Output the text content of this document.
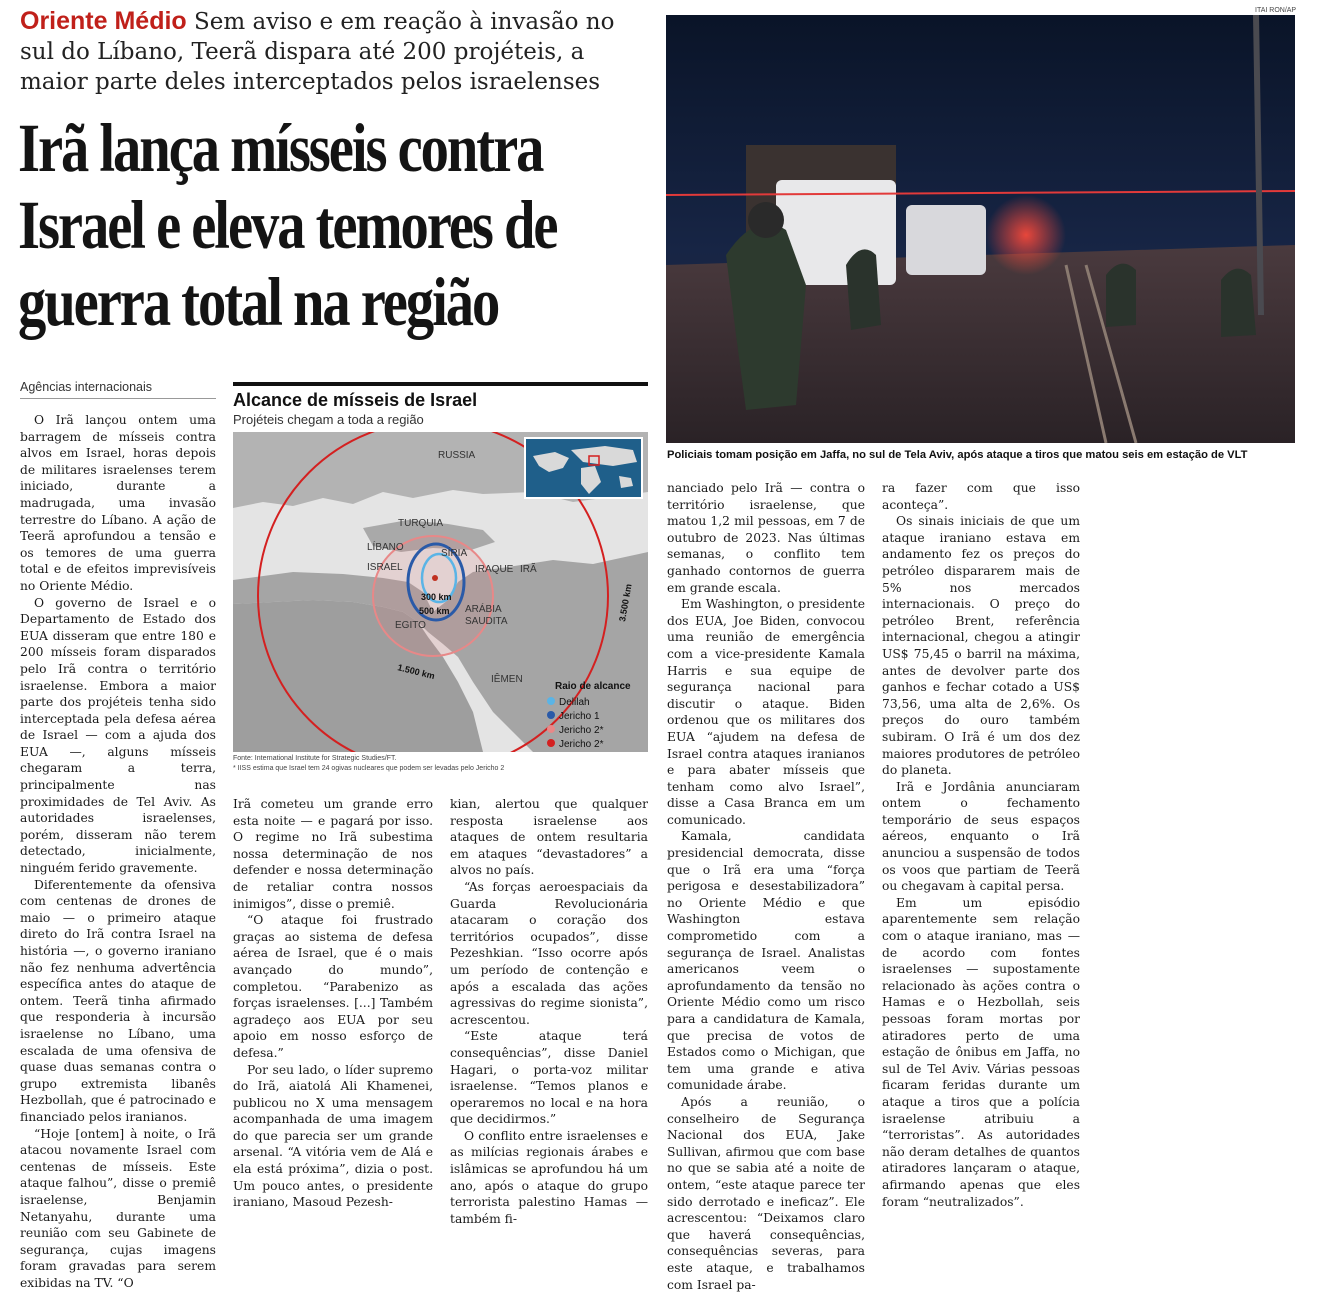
Oriente Médio Sem aviso e em reação à invasão no sul do Líbano, Teerã dispara até 200 projéteis, a maior parte deles interceptados pelos israelenses
Irã lança mísseis contra Israel e eleva temores de guerra total na região
Agências internacionais

O Irã lançou ontem uma barragem de mísseis contra alvos em Israel, horas depois de militares israelenses terem iniciado, durante a madrugada, uma invasão terrestre do Líbano. A ação de Teerã aprofundou a tensão e os temores de uma guerra total e de efeitos imprevisíveis no Oriente Médio.

O governo de Israel e o Departamento de Estado dos EUA disseram que entre 180 e 200 mísseis foram disparados pelo Irã contra o território israelense. Embora a maior parte dos projéteis tenha sido interceptada pela defesa aérea de Israel — com a ajuda dos EUA —, alguns mísseis chegaram a terra, principalmente nas proximidades de Tel Aviv. As autoridades israelenses, porém, disseram não terem detectado, inicialmente, ninguém ferido gravemente.

Diferentemente da ofensiva com centenas de drones de maio — o primeiro ataque direto do Irã contra Israel na história —, o governo iraniano não fez nenhuma advertência específica antes do ataque de ontem. Teerã tinha afirmado que responderia à incursão israelense no Líbano, uma escalada de uma ofensiva de quase duas semanas contra o grupo extremista libanês Hezbollah, que é patrocinado e financiado pelos iranianos.

“Hoje [ontem] à noite, o Irã atacou novamente Israel com centenas de mísseis. Este ataque falhou”, disse o premiê israelense, Benjamin Netanyahu, durante uma reunião com seu Gabinete de segurança, cujas imagens foram gravadas para serem exibidas na TV. “O

Irã cometeu um grande erro esta noite — e pagará por isso. O regime no Irã subestima nossa determinação de nos defender e nossa determinação de retaliar contra nossos inimigos”, disse o premiê.

“O ataque foi frustrado graças ao sistema de defesa aérea de Israel, que é o mais avançado do mundo”, completou. “Parabenizo as forças israelenses. [...] Também agradeço aos EUA por seu apoio em nosso esforço de defesa.”

Por seu lado, o líder supremo do Irã, aiatolá Ali Khamenei, publicou no X uma mensagem acompanhada de uma imagem do que parecia ser um grande arsenal. “A vitória vem de Alá e ela está próxima”, dizia o post. Um pouco antes, o presidente iraniano, Masoud Pezesh-

kian, alertou que qualquer resposta israelense aos ataques de ontem resultaria em ataques “devastadores” a alvos no país.

“As forças aeroespaciais da Guarda Revolucionária atacaram o coração dos territórios ocupados”, disse Pezeshkian. “Isso ocorre após um período de contenção e após a escalada das ações agressivas do regime sionista”, acrescentou.

“Este ataque terá consequências”, disse Daniel Hagari, o porta-voz militar israelense. “Temos planos e operaremos no local e na hora que decidirmos.”

O conflito entre israelenses e as milícias regionais árabes e islâmicas se aprofundou há um ano, após o ataque do grupo terrorista palestino Hamas — também fi-

nanciado pelo Irã — contra o território israelense, que matou 1,2 mil pessoas, em 7 de outubro de 2023. Nas últimas semanas, o conflito tem ganhado contornos de guerra em grande escala.

Em Washington, o presidente dos EUA, Joe Biden, convocou uma reunião de emergência com a vice-presidente Kamala Harris e sua equipe de segurança nacional para discutir o ataque. Biden ordenou que os militares dos EUA “ajudem na defesa de Israel contra ataques iranianos e para abater mísseis que tenham como alvo Israel”, disse a Casa Branca em um comunicado.

Kamala, candidata presidencial democrata, disse que o Irã era uma “força perigosa e desestabilizadora” no Oriente Médio e que Washington estava comprometido com a segurança de Israel. Analistas americanos veem o aprofundamento da tensão no Oriente Médio como um risco para a candidatura de Kamala, que precisa de votos de Estados como o Michigan, que tem uma grande e ativa comunidade árabe.

Após a reunião, o conselheiro de Segurança Nacional dos EUA, Jake Sullivan, afirmou que com base no que se sabia até a noite de ontem, “este ataque parece ter sido derrotado e ineficaz”. Ele acrescentou: “Deixamos claro que haverá consequências, consequências severas, para este ataque, e trabalhamos com Israel pa-

ra fazer com que isso aconteça”.

Os sinais iniciais de que um ataque iraniano estava em andamento fez os preços do petróleo dispararem mais de 5% nos mercados internacionais. O preço do petróleo Brent, referência internacional, chegou a atingir US$ 75,45 o barril na máxima, antes de devolver parte dos ganhos e fechar cotado a US$ 73,56, uma alta de 2,6%. Os preços do ouro também subiram. O Irã é um dos dez maiores produtores de petróleo do planeta.

Irã e Jordânia anunciaram ontem o fechamento temporário de seus espaços aéreos, enquanto o Irã anunciou a suspensão de todos os voos que partiam de Teerã ou chegavam à capital persa.

Em um episódio aparentemente sem relação com o ataque iraniano, mas — de acordo com fontes israelenses — supostamente relacionado às ações contra o Hamas e o Hezbollah, seis pessoas foram mortas por atiradores perto de uma estação de ônibus em Jaffa, no sul de Tel Aviv. Várias pessoas ficaram feridas durante um ataque a tiros que a polícia israelense atribuiu a “terroristas”. As autoridades não deram detalhes de quantos atiradores lançaram o ataque, afirmando apenas que eles foram “neutralizados”.

Alcance de mísseis de Israel
Projéteis chegam a toda a região
RUSSIA
TURQUIA
LÍBANO
SÍRIA
ISRAEL	IRAQUE IRÃ
EGITO
ARÁBIA
SAUDITA
IÊMEN
300 km
500 km
1.500 km
3.500 km
Raio de alcance
Delilah
Jericho 1
Jericho 2*
Jericho 2*
Fonte: International Institute for Strategic Studies/FT.
* IISS estima que Israel tem 24 ogivas nucleares que podem ser levadas pelo Jericho 2
ITAI RON/AP
Policiais tomam posição em Jaffa, no sul de Tela Aviv, após ataque a tiros que matou seis em estação de VLT
